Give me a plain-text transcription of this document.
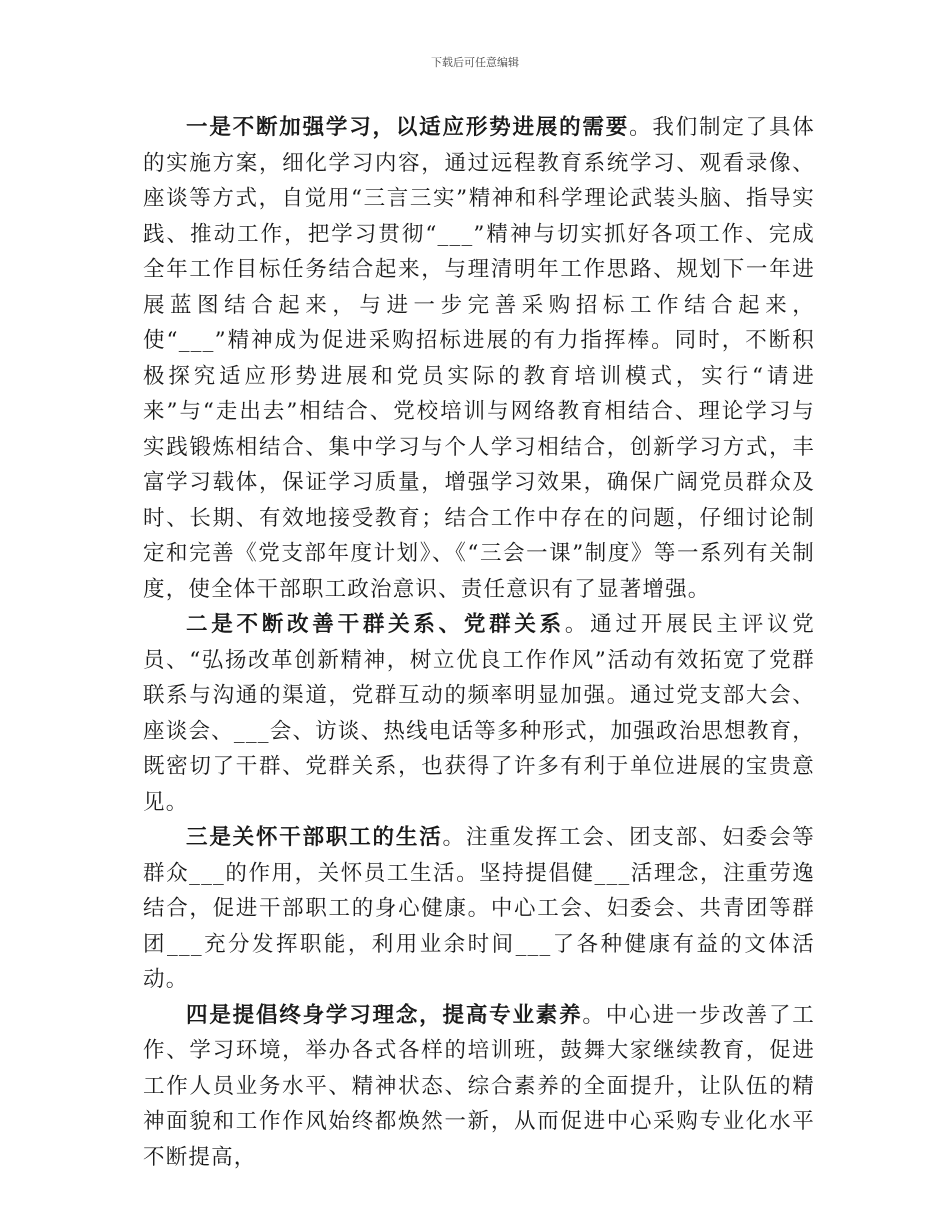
下载后可任意编辑

一是不断加强学习，以适应形势进展的需要。我们制定了具体的实施方案，细化学习内容，通过远程教育系统学习、观看录像、座谈等方式，自觉用“三言三实”精神和科学理论武装头脑、指导实践、推动工作，把学习贯彻“___”精神与切实抓好各项工作、完成全年工作目标任务结合起来，与理清明年工作思路、规划下一年进展蓝图结合起来，与进一步完善采购招标工作结合起来，使“___”精神成为促进采购招标进展的有力指挥棒。同时，不断积极探究适应形势进展和党员实际的教育培训模式，实行“请进来”与“走出去”相结合、党校培训与网络教育相结合、理论学习与实践锻炼相结合、集中学习与个人学习相结合，创新学习方式，丰富学习载体，保证学习质量，增强学习效果，确保广阔党员群众及时、长期、有效地接受教育；结合工作中存在的问题，仔细讨论制定和完善《党支部年度计划》、《“三会一课”制度》等一系列有关制度，使全体干部职工政治意识、责任意识有了显著增强。

二是不断改善干群关系、党群关系。通过开展民主评议党员、“弘扬改革创新精神，树立优良工作作风”活动有效拓宽了党群联系与沟通的渠道，党群互动的频率明显加强。通过党支部大会、座谈会、___会、访谈、热线电话等多种形式，加强政治思想教育，既密切了干群、党群关系，也获得了许多有利于单位进展的宝贵意见。

三是关怀干部职工的生活。注重发挥工会、团支部、妇委会等群众___的作用，关怀员工生活。坚持提倡健___活理念，注重劳逸结合，促进干部职工的身心健康。中心工会、妇委会、共青团等群团___充分发挥职能，利用业余时间___了各种健康有益的文体活动。

四是提倡终身学习理念，提高专业素养。中心进一步改善了工作、学习环境，举办各式各样的培训班，鼓舞大家继续教育，促进工作人员业务水平、精神状态、综合素养的全面提升，让队伍的精神面貌和工作作风始终都焕然一新，从而促进中心采购专业化水平不断提高，
